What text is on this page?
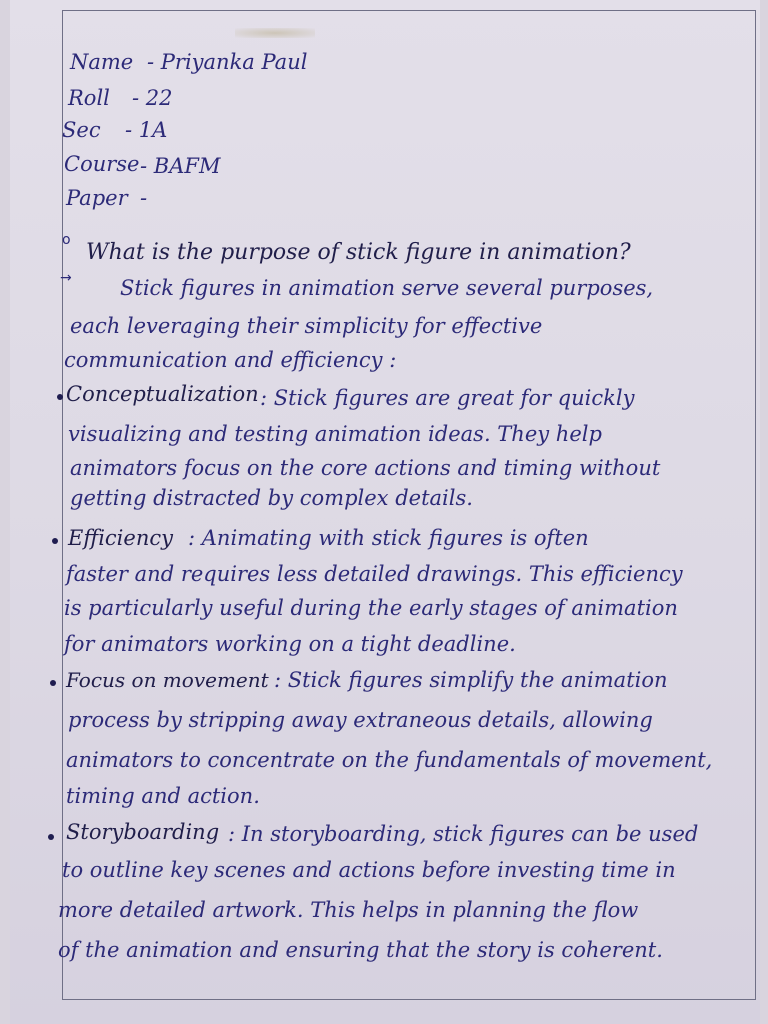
Name - Priyanka Paul
Roll - 22
Sec - 1A
Course - BAFM
Paper -
o What is the purpose of stick figure in animation?
→ Stick figures in animation serve several purposes,
each leveraging their simplicity for effective
communication and efficiency :
Conceptualization : Stick figures are great for quickly
visualizing and testing animation ideas. They help
animators focus on the core actions and timing without
getting distracted by complex details.
Efficiency : Animating with stick figures is often
faster and requires less detailed drawings. This efficiency
is particularly useful during the early stages of animation
for animators working on a tight deadline.
Focus on movement : Stick figures simplify the animation
process by stripping away extraneous details, allowing
animators to concentrate on the fundamentals of movement,
timing and action.
Storyboarding : In storyboarding, stick figures can be used
to outline key scenes and actions before investing time in
more detailed artwork. This helps in planning the flow
of the animation and ensuring that the story is coherent.
